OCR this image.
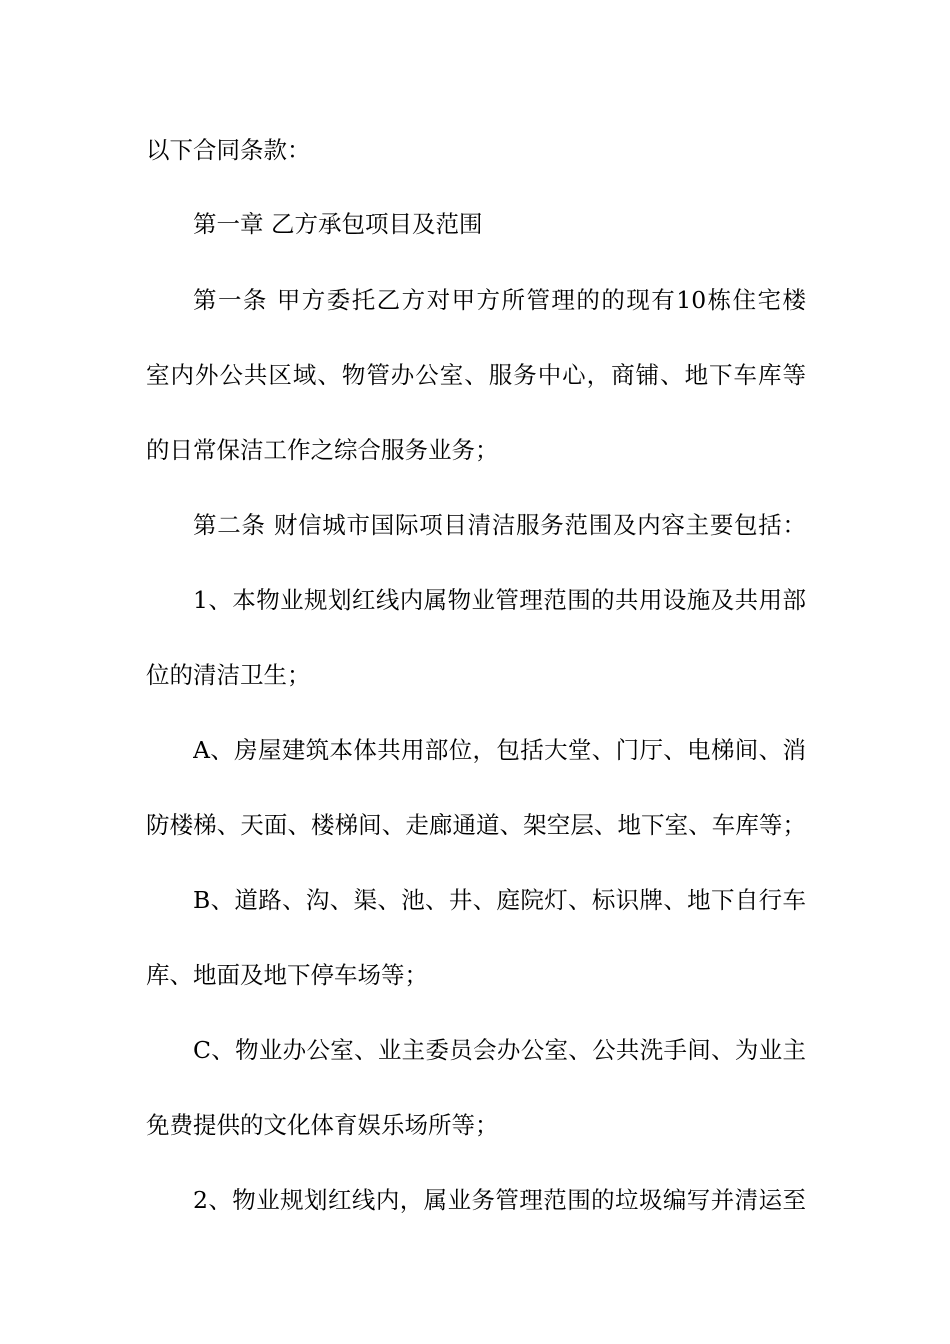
以下合同条款：
第一章 乙方承包项目及范围
第一条 甲方委托乙方对甲方所管理的的现有10栋住宅楼
室内外公共区域、物管办公室、服务中心，商铺、地下车库等
的日常保洁工作之综合服务业务；
第二条 财信城市国际项目清洁服务范围及内容主要包括：
1、本物业规划红线内属物业管理范围的共用设施及共用部
位的清洁卫生；
A、房屋建筑本体共用部位，包括大堂、门厅、电梯间、消
防楼梯、天面、楼梯间、走廊通道、架空层、地下室、车库等；
B、道路、沟、渠、池、井、庭院灯、标识牌、地下自行车
库、地面及地下停车场等；
C、物业办公室、业主委员会办公室、公共洗手间、为业主
免费提供的文化体育娱乐场所等；
2、物业规划红线内，属业务管理范围的垃圾编写并清运至
